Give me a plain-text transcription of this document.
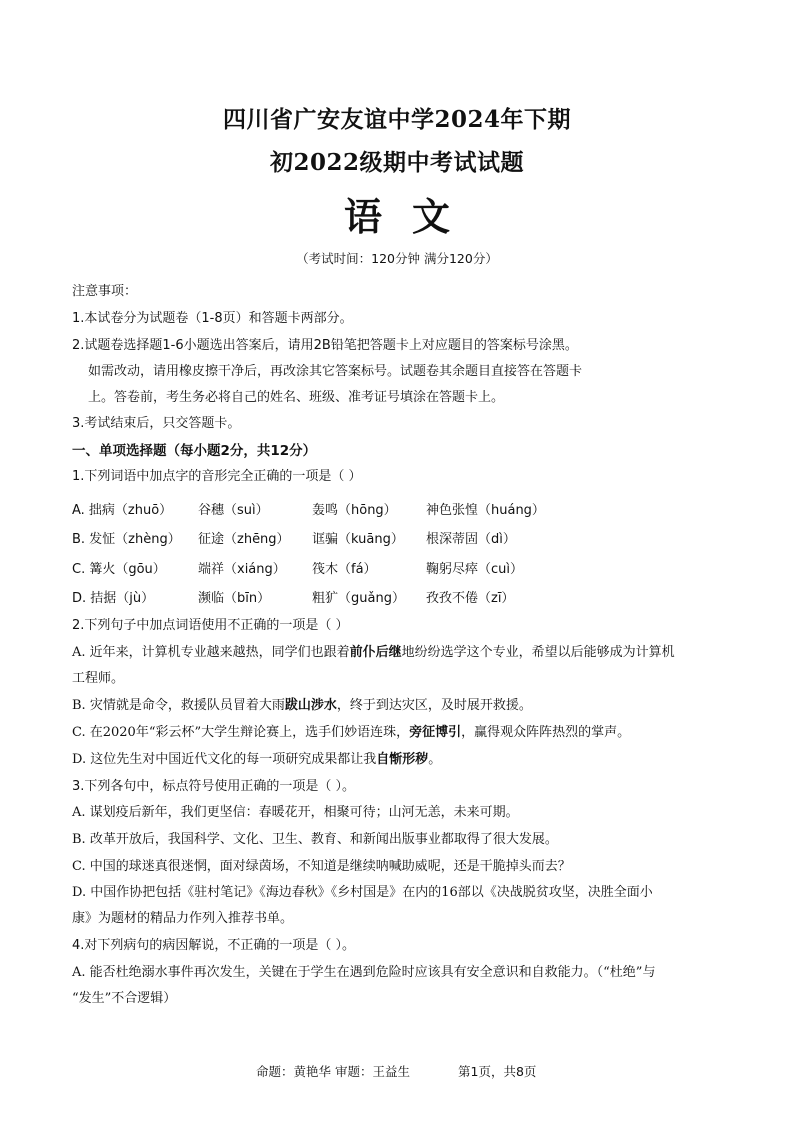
四川省广安友谊中学2024年下期
初2022级期中考试试题
语文
（考试时间：120分钟 满分120分）
注意事项：
1.本试卷分为试题卷（1-8页）和答题卡两部分。
2.试题卷选择题1-6小题选出答案后，请用2B铅笔把答题卡上对应题目的答案标号涂黑。
如需改动，请用橡皮擦干净后，再改涂其它答案标号。试题卷其余题目直接答在答题卡
上。答卷前，考生务必将自己的姓名、班级、准考证号填涂在答题卡上。
3.考试结束后，只交答题卡。
一、单项选择题（每小题2分，共12分）
1.下列词语中加点字的音形完全正确的一项是（ ）
A. 拙病（zhuō） 谷穗（suì）	轰鸣（hōng） 神色张惶（huáng）
B. 发怔（zhèng） 征途（zhēng） 诓骗（kuāng） 根深蒂固（dì）
C. 篝火（gōu） 端祥（xiáng） 筏木（fá）	鞠躬尽瘁（cuì）
D. 拮据（jù）	濒临（bīn）	粗犷（guǎng） 孜孜不倦（zī）
2.下列句子中加点词语使用不正确的一项是（ ）
A. 近年来，计算机专业越来越热，同学们也跟着前仆后继地纷纷选学这个专业，希望以后能够成为计算机
工程师。
B. 灾情就是命令，救援队员冒着大雨跋山涉水，终于到达灾区，及时展开救援。
C. 在2020年“彩云杯”大学生辩论赛上，选手们妙语连珠，旁征博引，赢得观众阵阵热烈的掌声。
D. 这位先生对中国近代文化的每一项研究成果都让我自惭形秽。
3.下列各句中，标点符号使用正确的一项是（ ）。
A. 谋划疫后新年，我们更坚信：春暖花开，相聚可待；山河无恙，未来可期。
B. 改革开放后，我国科学、文化、卫生、教育、和新闻出版事业都取得了很大发展。
C. 中国的球迷真很迷惘，面对绿茵场，不知道是继续呐喊助威呢，还是干脆掉头而去？
D. 中国作协把包括《驻村笔记》《海边春秋》《乡村国是》在内的16部以《决战脱贫攻坚，决胜全面小
康》为题材的精品力作列入推荐书单。
4.对下列病句的病因解说，不正确的一项是（ ）。
A. 能否杜绝溺水事件再次发生，关键在于学生在遇到危险时应该具有安全意识和自救能力。（“杜绝”与
“发生”不合逻辑）
命题：黄艳华 审题：王益生	第1页，共8页
